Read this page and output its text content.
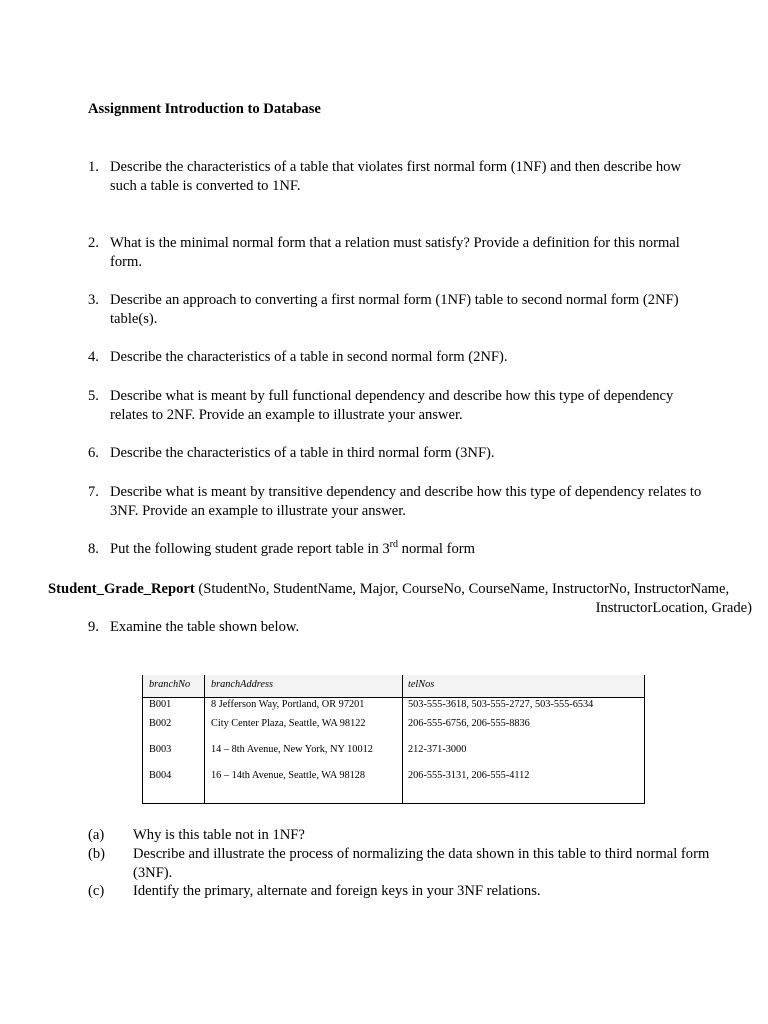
Assignment Introduction to Database
1. Describe the characteristics of a table that violates first normal form (1NF) and then describe how such a table is converted to 1NF.
2. What is the minimal normal form that a relation must satisfy? Provide a definition for this normal form.
3. Describe an approach to converting a first normal form (1NF) table to second normal form (2NF) table(s).
4. Describe the characteristics of a table in second normal form (2NF).
5. Describe what is meant by full functional dependency and describe how this type of dependency relates to 2NF. Provide an example to illustrate your answer.
6. Describe the characteristics of a table in third normal form (3NF).
7. Describe what is meant by transitive dependency and describe how this type of dependency relates to 3NF. Provide an example to illustrate your answer.
8. Put the following student grade report table in 3rd normal form
Student_Grade_Report (StudentNo, StudentName, Major, CourseNo, CourseName, InstructorNo, InstructorName,
InstructorLocation, Grade)
9. Examine the table shown below.
branchNo branchAddress	telNos
B001	8 Jefferson Way, Portland, OR 97201	503-555-3618, 503-555-2727, 503-555-6534
B002	City Center Plaza, Seattle, WA 98122	206-555-6756, 206-555-8836
B003	14 – 8th Avenue, New York, NY 10012	212-371-3000
B004	16 – 14th Avenue, Seattle, WA 98128	206-555-3131, 206-555-4112
(a)	Why is this table not in 1NF?
(b)	Describe and illustrate the process of normalizing the data shown in this table to third normal form (3NF).
(c)	Identify the primary, alternate and foreign keys in your 3NF relations.
